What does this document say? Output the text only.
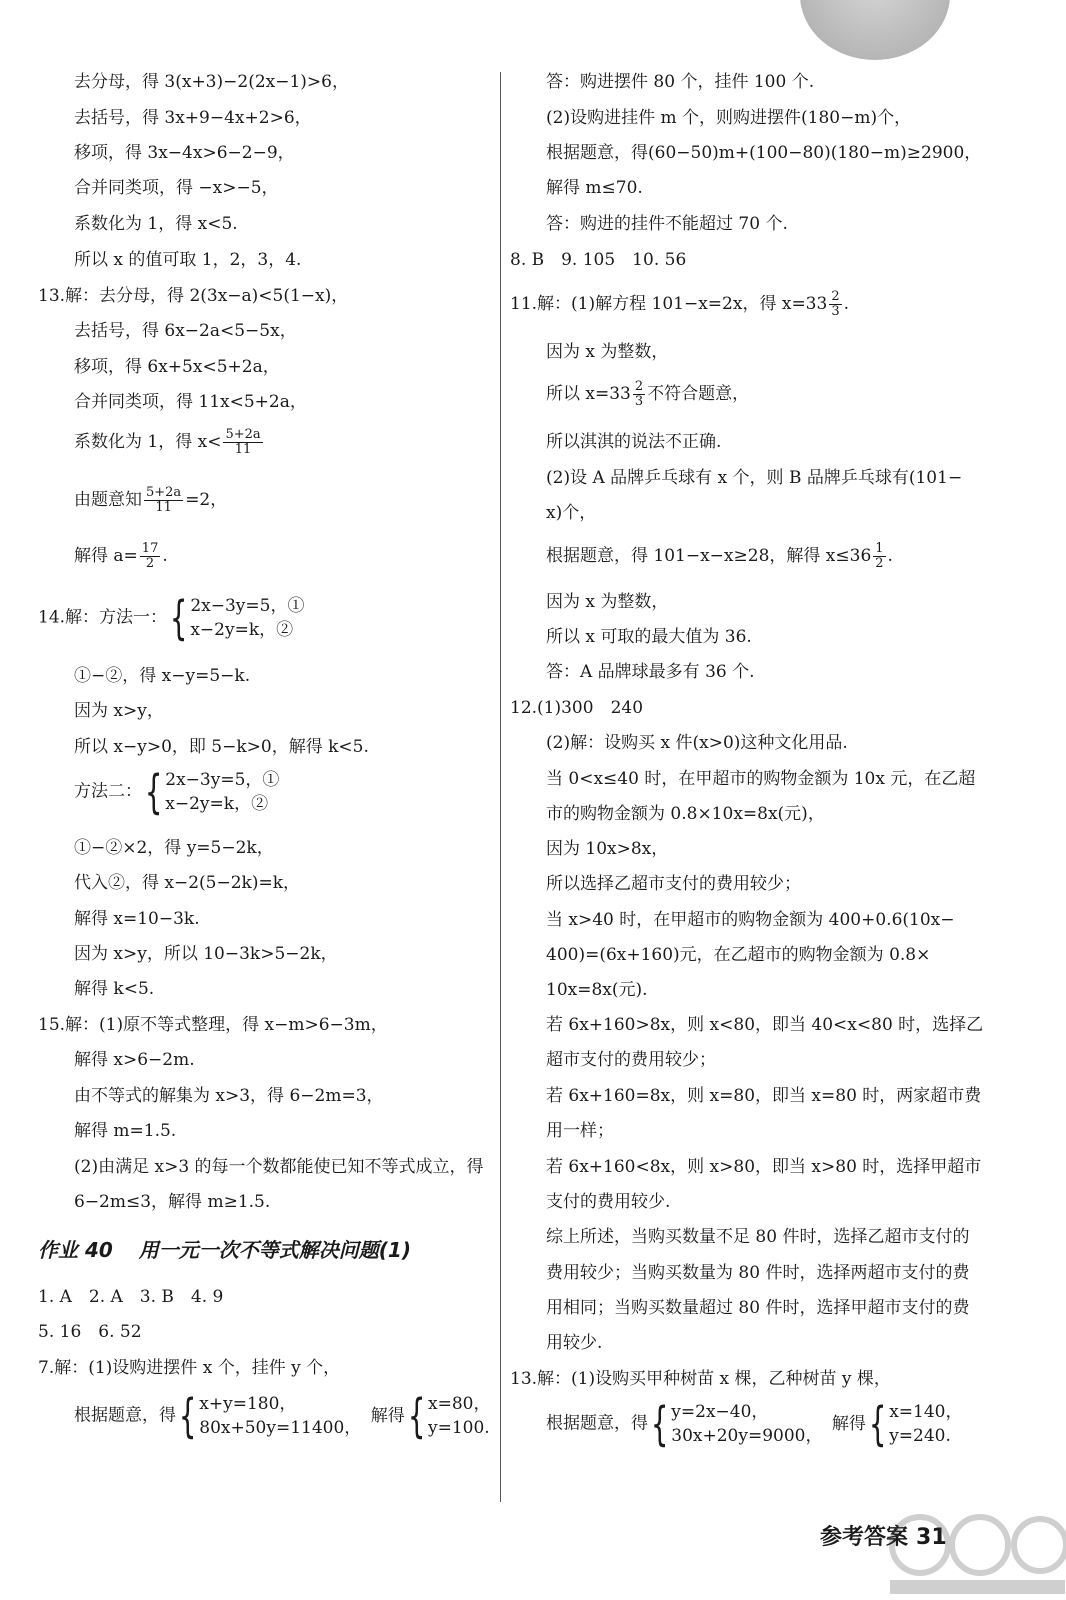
去分母，得 3(x+3)−2(2x−1)>6，
去括号，得 3x+9−4x+2>6，
移项，得 3x−4x>6−2−9，
合并同类项，得 −x>−5，
系数化为 1，得 x<5.
所以 x 的值可取 1，2，3，4.
13.解：去分母，得 2(3x−a)<5(1−x)，
去括号，得 6x−2a<5−5x，
移项，得 6x+5x<5+2a，
合并同类项，得 11x<5+2a，
系数化为 1，得 $x< \frac{5+2a}{11}$
由题意知 $\frac{5+2a}{11} =2$，
解得 $a= \frac{17}{2}$ .
14.解：方法一： { 2x−3y=5，①
x−2y=k，②
①−②，得 x−y=5−k.
因为 x>y，
所以 x−y>0，即 5−k>0，解得 k<5.
方法二： { 2x−3y=5，①
x−2y=k，②
①−②×2，得 y=5−2k，
代入②，得 x−2(5−2k)=k，
解得 x=10−3k.
因为 x>y，所以 10−3k>5−2k，
解得 k<5.
15.解：(1)原不等式整理，得 x−m>6−3m，
解得 x>6−2m.
由不等式的解集为 x>3，得 6−2m=3，
解得 m=1.5.
(2)由满足 x>3 的每一个数都能使已知不等式成立，得
6−2m≤3，解得 m≥1.5.
作业 40 用一元一次不等式解决问题(1)
1. A　2. A　3. B　4. 9
5. 16　6. 52
7.解：(1)设购进摆件 x 个，挂件 y 个，
根据题意，得 { x+y=180，
80x+50y=11400，
解得 { x=80，
y=100.
答：购进摆件 80 个，挂件 100 个.
(2)设购进挂件 m 个，则购进摆件(180−m)个，
根据题意，得(60−50)m+(100−80)(180−m)≥2900，
解得 m≤70.
答：购进的挂件不能超过 70 个.
8. B　9. 105　10. 56
11.解：(1)解方程 101−x=2x，得 $x=33 \frac{2}{3}$ .
因为 x 为整数，
所以 $x=33 \frac{2}{3}$ 不符合题意，
所以淇淇的说法不正确.
(2)设 A 品牌乒乓球有 x 个，则 B 品牌乒乓球有(101−
x)个，
根据题意，得 101−x−x≥28，解得 $x\le 36 \frac{1}{2}$ .
因为 x 为整数，
所以 x 可取的最大值为 36.
答：A 品牌球最多有 36 个.
12.(1)300　240
(2)解：设购买 x 件(x>0)这种文化用品.
当 0<x≤40 时，在甲超市的购物金额为 10x 元，在乙超
市的购物金额为 0.8×10x=8x(元)，
因为 10x>8x，
所以选择乙超市支付的费用较少；
当 x>40 时，在甲超市的购物金额为 400+0.6(10x−
400)=(6x+160)元，在乙超市的购物金额为 0.8×
10x=8x(元).
若 6x+160>8x，则 x<80，即当 40<x<80 时，选择乙
超市支付的费用较少；
若 6x+160=8x，则 x=80，即当 x=80 时，两家超市费
用一样；
若 6x+160<8x，则 x>80，即当 x>80 时，选择甲超市
支付的费用较少.
综上所述，当购买数量不足 80 件时，选择乙超市支付的
费用较少；当购买数量为 80 件时，选择两超市支付的费
用相同；当购买数量超过 80 件时，选择甲超市支付的费
用较少.
13.解：(1)设购买甲种树苗 x 棵，乙种树苗 y 棵，
根据题意，得 { y=2x−40，
30x+20y=9000，
解得 { x=140，
y=240.
参考答案 31
